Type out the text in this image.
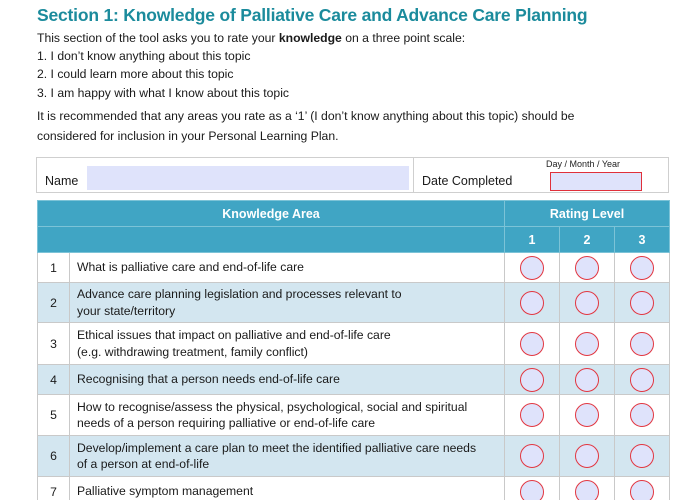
Section 1: Knowledge of Palliative Care and Advance Care Planning
This section of the tool asks you to rate your knowledge on a three point scale:
1. I don’t know anything about this topic
2. I could learn more about this topic
3. I am happy with what I know about this topic
It is recommended that any areas you rate as a ‘1’ (I don’t know anything about this topic) should be
considered for inclusion in your Personal Learning Plan.
Name	Date Completed
Day / Month / Year
Knowledge Area		Rating Level		
		1	2	3
1	What is palliative care and end-of-life care			

2	Advance care planning legislation and processes relevant to
your state/territory			

3	Ethical issues that impact on palliative and end-of-life care
(e.g. withdrawing treatment, family conflict)			

4	Recognising that a person needs end-of-life care			

5	How to recognise/assess the physical, psychological, social and spiritual
needs of a person requiring palliative or end-of-life care			

6	Develop/implement a care plan to meet the identified palliative care needs
of a person at end-of-life			

7	Palliative symptom management			
